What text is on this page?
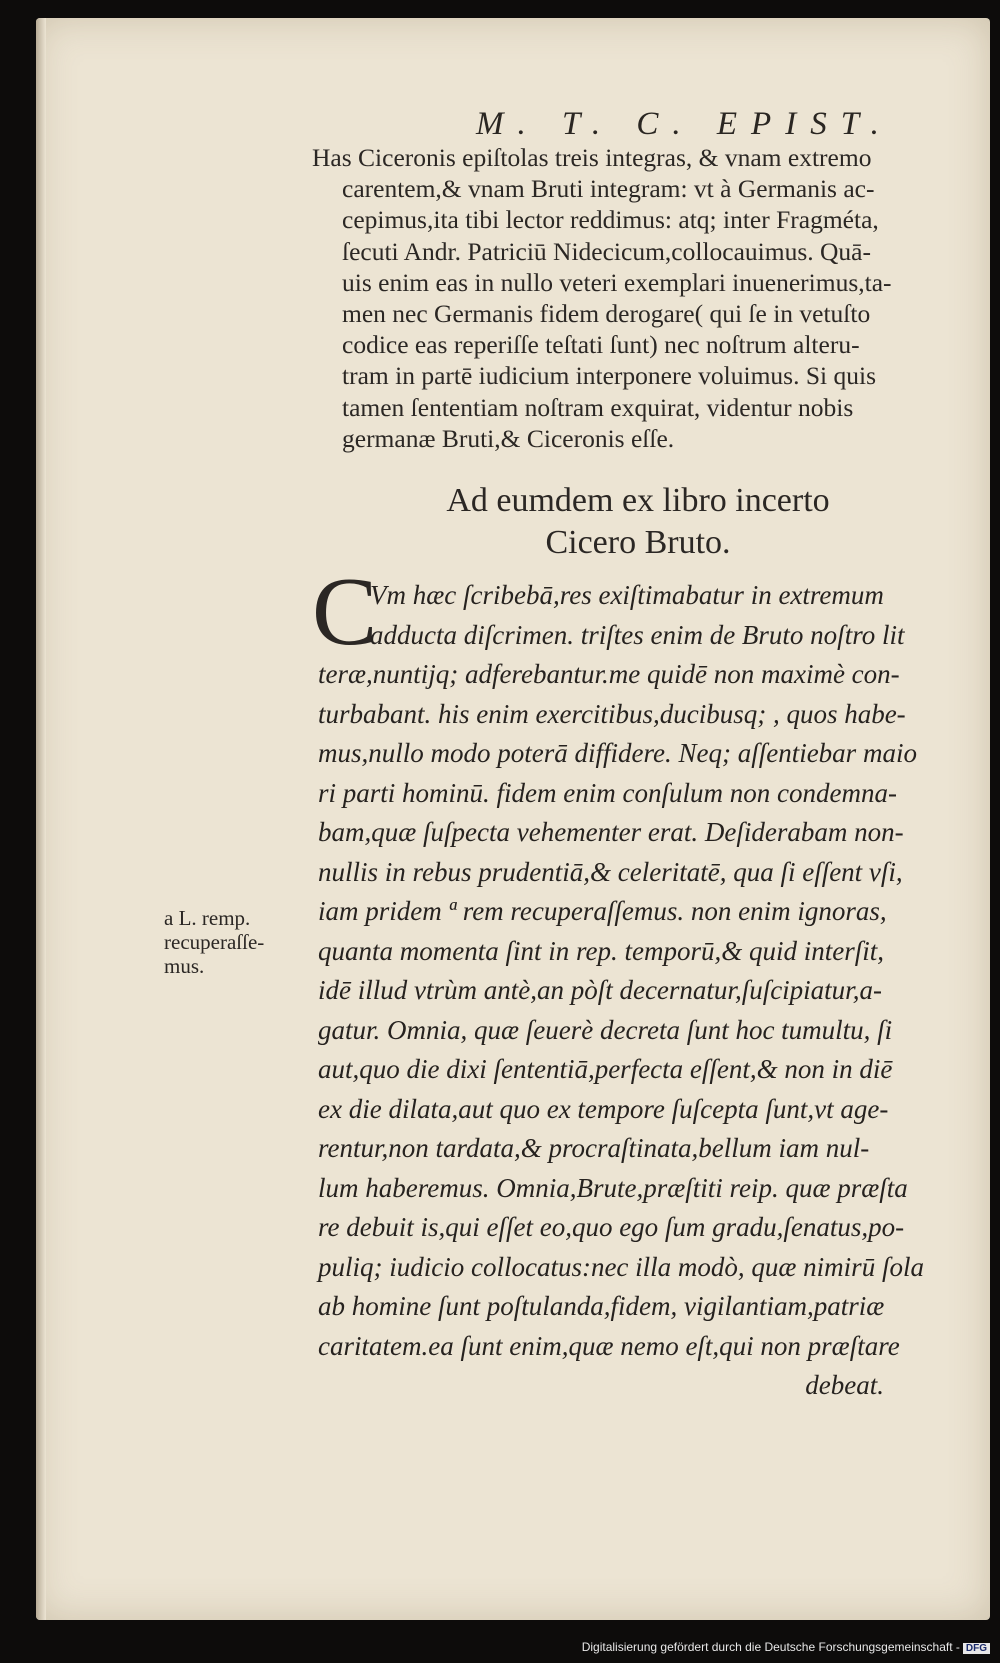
M. T. C. EPIST.
Has Ciceronis epiſtolas treis integras, & vnam extremo
carentem,& vnam Bruti integram: vt à Germanis ac-
cepimus,ita tibi lector reddimus: atq; inter Fragméta,
ſecuti Andr. Patriciū Nidecicum,collocauimus. Quā-
uis enim eas in nullo veteri exemplari inuenerimus,ta-
men nec Germanis fidem derogare( qui ſe in vetuſto
codice eas reperiſſe teſtati ſunt) nec noſtrum alteru-
tram in partē iudicium interponere voluimus. Si quis
tamen ſententiam noſtram exquirat, videntur nobis
germanæ Bruti,& Ciceronis eſſe.
Ad eumdem ex libro incerto
Cicero Bruto.
C
Vm hæc ſcribebā,res exiſtimabatur in extremum
adducta diſcrimen. triſtes enim de Bruto noſtro lit
teræ,nuntijq; adferebantur.me quidē non maximè con-
turbabant. his enim exercitibus,ducibusq; , quos habe-
mus,nullo modo poterā diffidere. Neq; aſſentiebar maio
ri parti hominū. fidem enim conſulum non condemna-
bam,quæ ſuſpecta vehementer erat. Deſiderabam non-
nullis in rebus prudentiā,& celeritatē, qua ſi eſſent vſi,
iam pridem ª rem recuperaſſemus. non enim ignoras,
quanta momenta ſint in rep. temporū,& quid interſit,
idē illud vtrùm antè,an pòſt decernatur,ſuſcipiatur,a-
gatur. Omnia, quæ ſeuerè decreta ſunt hoc tumultu, ſi
aut,quo die dixi ſententiā,perfecta eſſent,& non in diē
ex die dilata,aut quo ex tempore ſuſcepta ſunt,vt age-
rentur,non tardata,& procraſtinata,bellum iam nul-
lum haberemus. Omnia,Brute,præſtiti reip. quæ præſta
re debuit is,qui eſſet eo,quo ego ſum gradu,ſenatus,po-
puliq; iudicio collocatus:nec illa modò, quæ nimirū ſola
ab homine ſunt poſtulanda,fidem, vigilantiam,patriæ
caritatem.ea ſunt enim,quæ nemo eſt,qui non præſtare
debeat.
a L. remp.
recuperaſſe-
mus.
Digitalisierung gefördert durch die Deutsche Forschungsgemeinschaft - DFG
